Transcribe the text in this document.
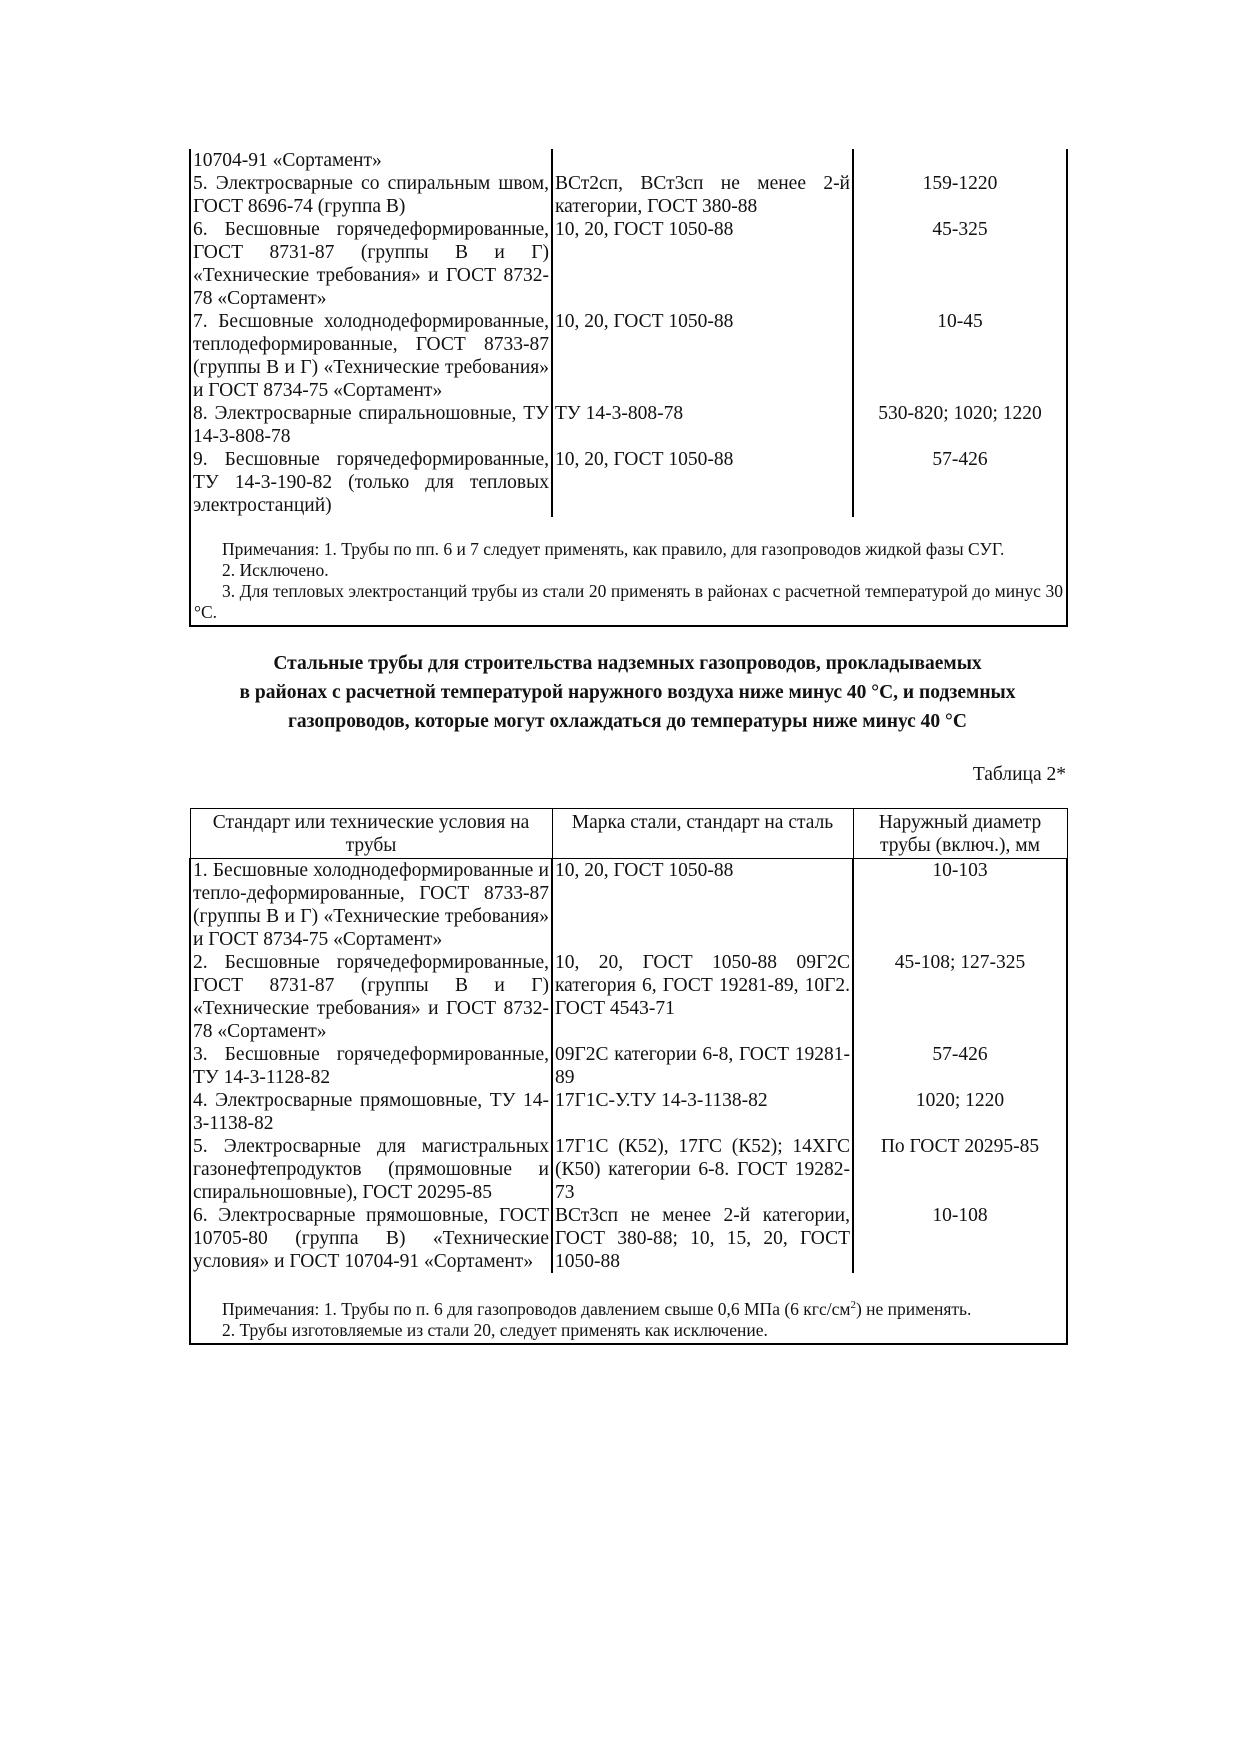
10704-91 «Сортамент»		
5. Электросварные со спиральным швом, ГОСТ 8696-74 (группа В)	ВСт2сп, ВСт3сп не менее 2-й категории, ГОСТ 380-88	159-1220
6. Бесшовные горячедеформированные, ГОСТ 8731-87 (группы В и Г) «Технические требования» и ГОСТ 8732-78 «Сортамент»	10, 20, ГОСТ 1050-88	45-325
7. Бесшовные холоднодеформированные, теплодеформированные, ГОСТ 8733-87 (группы В и Г) «Технические требования» и ГОСТ 8734-75 «Сортамент»	10, 20, ГОСТ 1050-88	10-45
8. Электросварные спиральношовные, ТУ 14-3-808-78	ТУ 14-3-808-78	530-820; 1020; 1220
9. Бесшовные горячедеформированные, ТУ 14-3-190-82 (только для тепловых электростанций)	10, 20, ГОСТ 1050-88	57-426

Примечания: 1. Трубы по пп. 6 и 7 следует применять, как правило, для газопроводов жидкой фазы СУГ.
2. Исключено.
3. Для тепловых электростанций трубы из стали 20 применять в районах с расчетной температурой до минус 30 °С.		
Стальные трубы для строительства надземных газопроводов, прокладываемых
в районах с расчетной температурой наружного воздуха ниже минус 40 °С, и подземных
газопроводов, которые могут охлаждаться до температуры ниже минус 40 °С
Таблица 2*
Стандарт или технические условия на трубы	Марка стали, стандарт на сталь	Наружный диаметр трубы (включ.), мм
1. Бесшовные холоднодеформированные и тепло-деформированные, ГОСТ 8733-87 (группы В и Г) «Технические требования» и ГОСТ 8734-75 «Сортамент»	10, 20, ГОСТ 1050-88	10-103
2. Бесшовные горячедеформированные, ГОСТ 8731-87 (группы В и Г) «Технические требования» и ГОСТ 8732-78 «Сортамент»	10, 20, ГОСТ 1050-88 09Г2С категория 6, ГОСТ 19281-89, 10Г2. ГОСТ 4543-71	45-108; 127-325
3. Бесшовные горячедеформированные, ТУ 14-3-1128-82	09Г2С категории 6-8, ГОСТ 19281-89	57-426
4. Электросварные прямошовные, ТУ 14-3-1138-82	17Г1С-У.ТУ 14-3-1138-82	1020; 1220
5. Электросварные для магистральных газонефтепродуктов (прямошовные и спиральношовные), ГОСТ 20295-85	17Г1С (К52), 17ГС (К52); 14ХГС (К50) категории 6-8. ГОСТ 19282-73	По ГОСТ 20295-85
6. Электросварные прямошовные, ГОСТ 10705-80 (группа В) «Технические условия» и ГОСТ 10704-91 «Сортамент»	ВСт3сп не менее 2-й категории, ГОСТ 380-88; 10, 15, 20, ГОСТ 1050-88	10-108

Примечания: 1. Трубы по п. 6 для газопроводов давлением свыше 0,6 МПа (6 кгс/$см^2$) не применять.
2. Трубы изготовляемые из стали 20, следует применять как исключение.		
